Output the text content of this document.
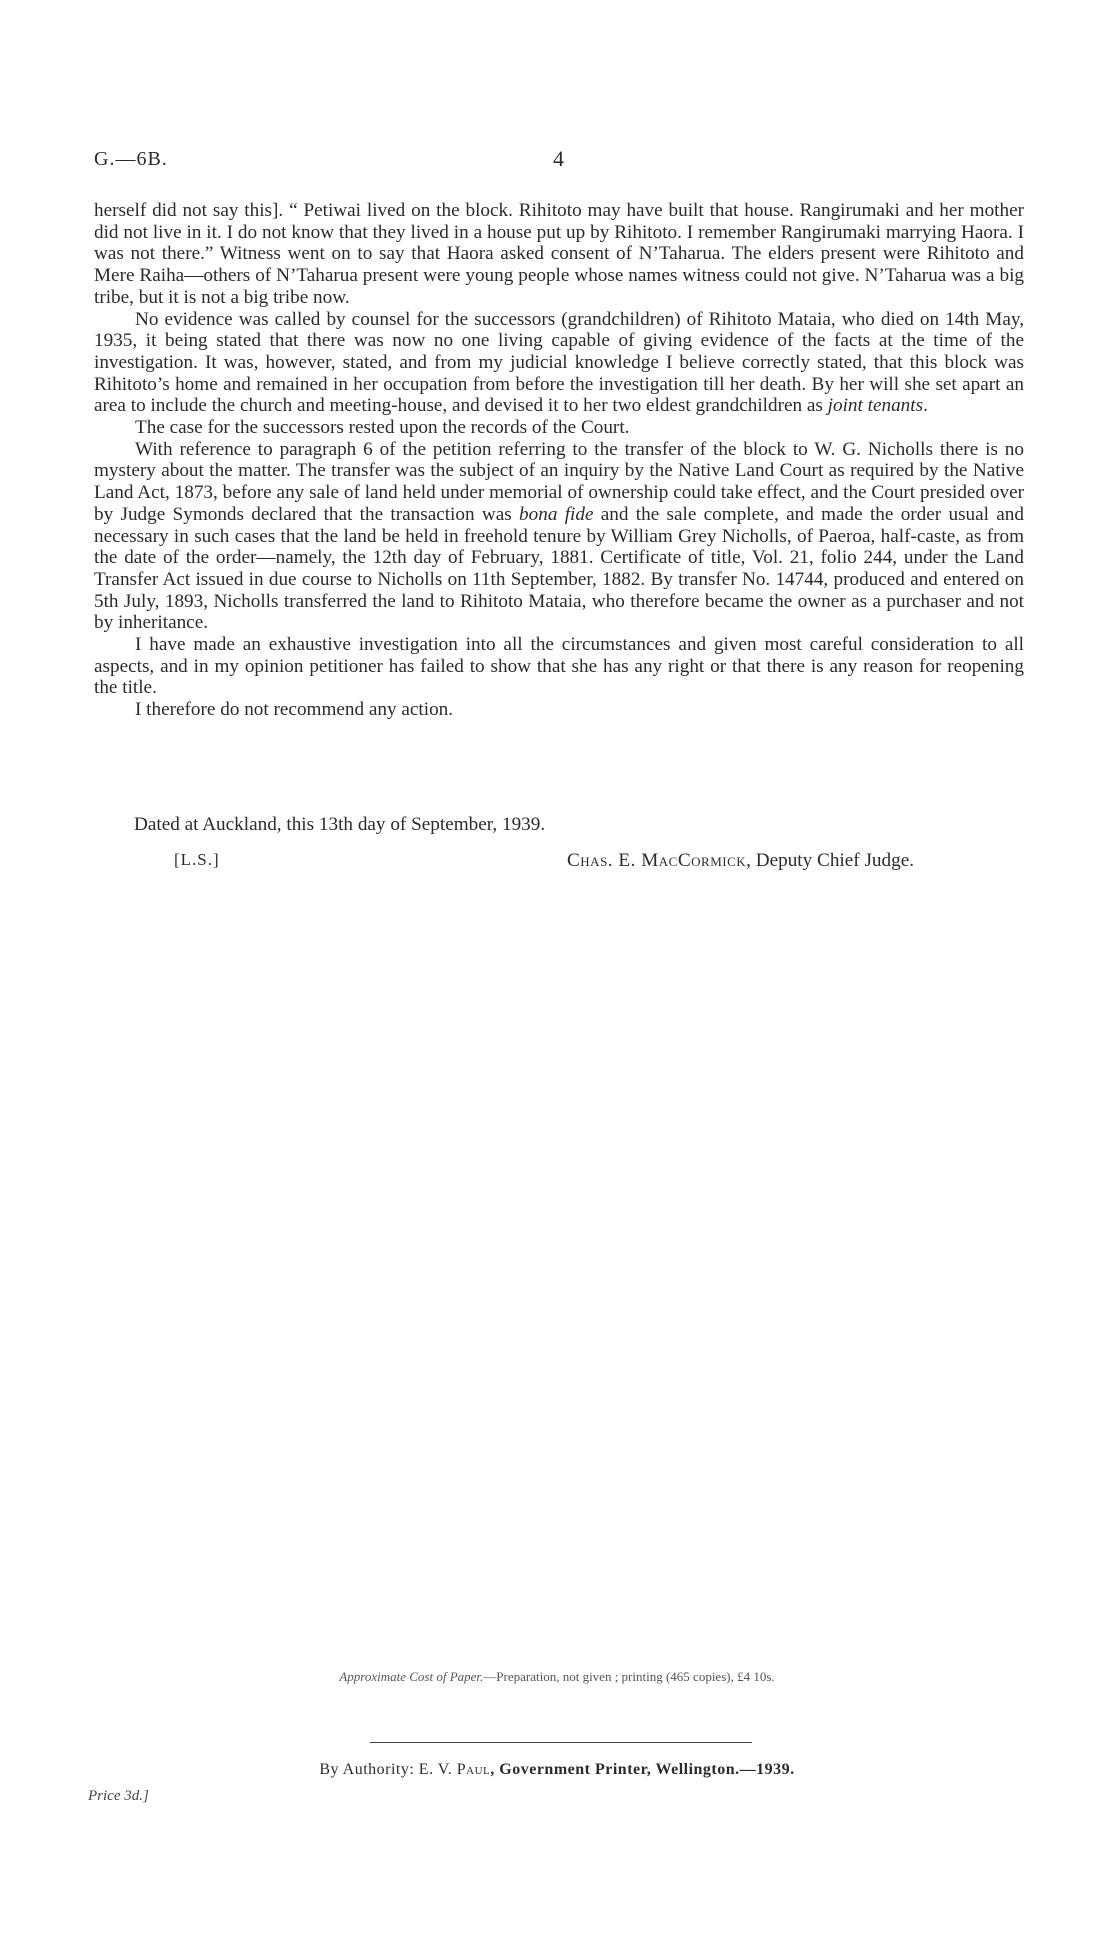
G.—6B.	4

herself did not say this]. “ Petiwai lived on the block. Rihitoto may have built that house. Rangirumaki and her mother did not live in it. I do not know that they lived in a house put up by Rihitoto. I remember Rangirumaki marrying Haora. I was not there.” Witness went on to say that Haora asked consent of N’Taharua. The elders present were Rihitoto and Mere Raiha—others of N’Taharua present were young people whose names witness could not give. N’Taharua was a big tribe, but it is not a big tribe now.

No evidence was called by counsel for the successors (grandchildren) of Rihitoto Mataia, who died on 14th May, 1935, it being stated that there was now no one living capable of giving evidence of the facts at the time of the investigation. It was, however, stated, and from my judicial knowledge I believe correctly stated, that this block was Rihitoto’s home and remained in her occupation from before the investigation till her death. By her will she set apart an area to include the church and meeting-house, and devised it to her two eldest grandchildren as joint tenants.

The case for the successors rested upon the records of the Court.

With reference to paragraph 6 of the petition referring to the transfer of the block to W. G. Nicholls there is no mystery about the matter. The transfer was the subject of an inquiry by the Native Land Court as required by the Native Land Act, 1873, before any sale of land held under memorial of ownership could take effect, and the Court presided over by Judge Symonds declared that the transaction was bona fide and the sale complete, and made the order usual and necessary in such cases that the land be held in freehold tenure by William Grey Nicholls, of Paeroa, half-caste, as from the date of the order—namely, the 12th day of February, 1881. Certificate of title, Vol. 21, folio 244, under the Land Transfer Act issued in due course to Nicholls on 11th September, 1882. By transfer No. 14744, produced and entered on 5th July, 1893, Nicholls transferred the land to Rihitoto Mataia, who therefore became the owner as a purchaser and not by inheritance.

I have made an exhaustive investigation into all the circumstances and given most careful consideration to all aspects, and in my opinion petitioner has failed to show that she has any right or that there is any reason for reopening the title.

I therefore do not recommend any action.

Dated at Auckland, this 13th day of September, 1939.
[L.S.]	Chas. E. MacCormick, Deputy Chief Judge.
Approximate Cost of Paper.—Preparation, not given ; printing (465 copies), £4 10s.
By Authority: E. V. Paul, Government Printer, Wellington.—1939.
Price 3d.]
